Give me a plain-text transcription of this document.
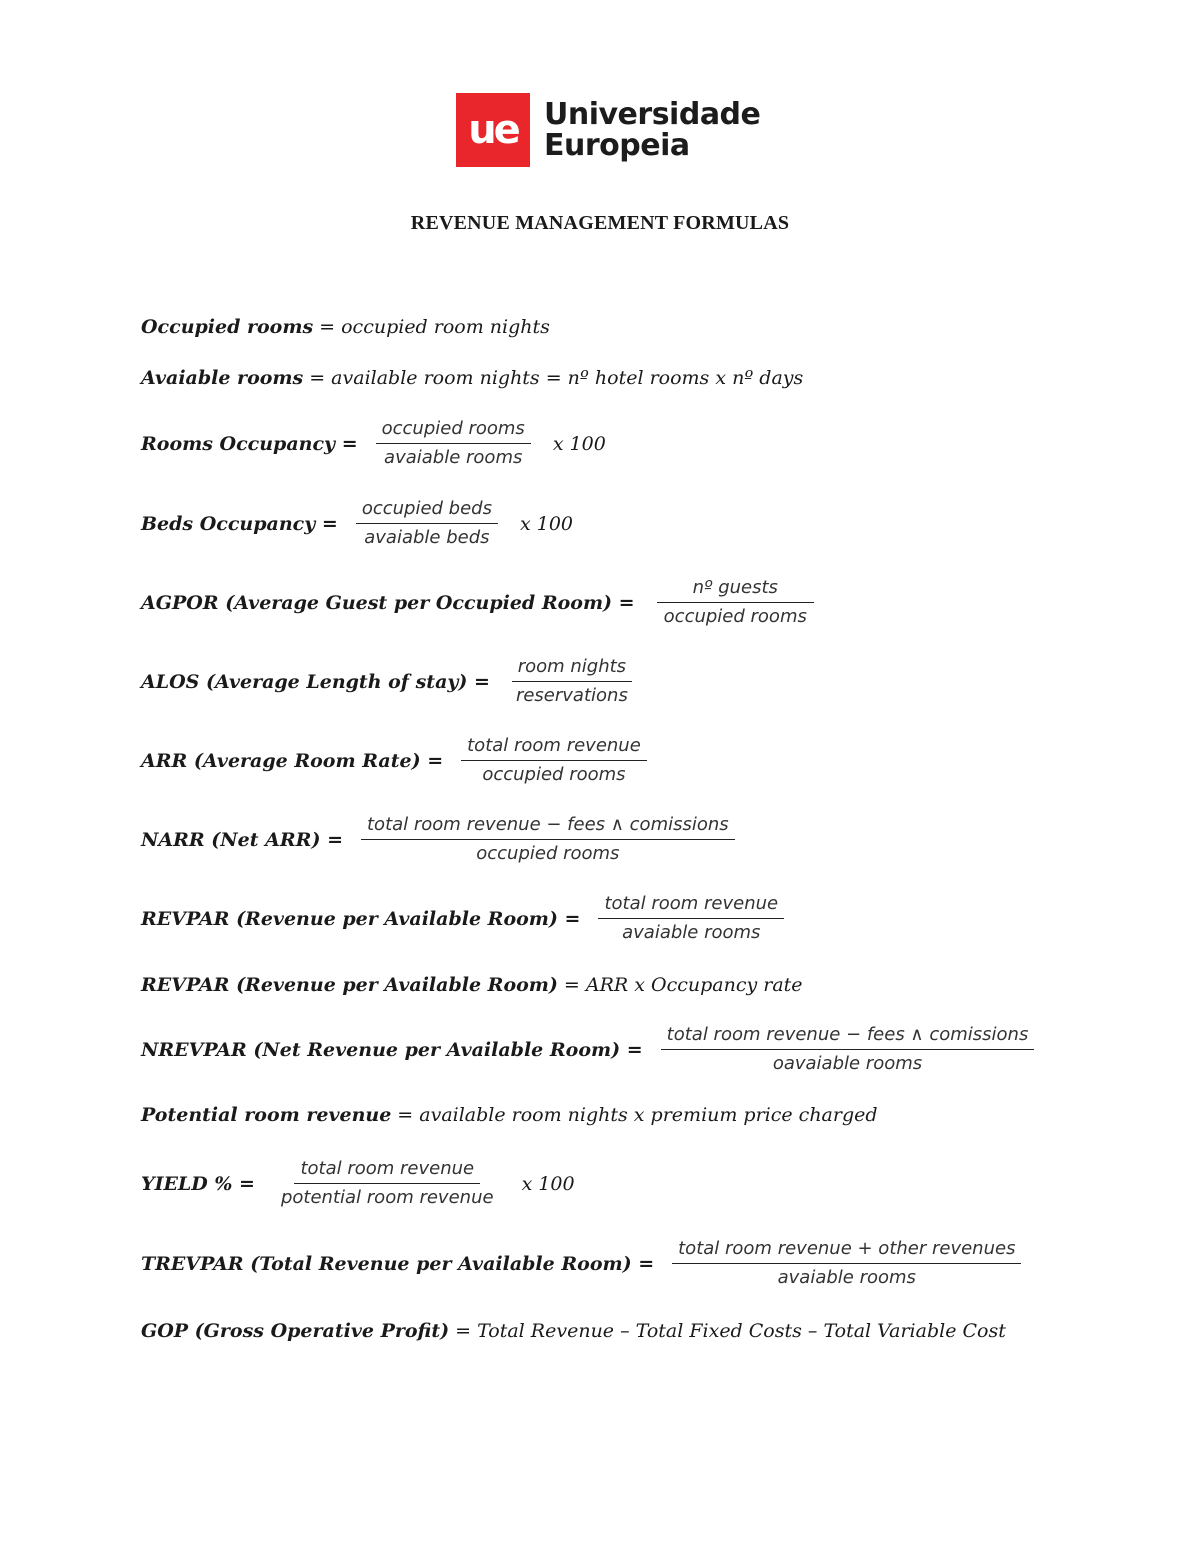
ue Universidade
Europeia
REVENUE MANAGEMENT FORMULAS
Occupied rooms = occupied room nights
Avaiable rooms = available room nights = nº hotel rooms x nº days
Rooms Occupancy = $\frac{\text{occupied rooms}}{\text{avaiable rooms}}$ x 100
Beds Occupancy = $\frac{\text{occupied beds}}{\text{avaiable beds}}$ x 100
AGPOR (Average Guest per Occupied Room) = $\frac{\text{nº guests}}{\text{occupied rooms}}$
ALOS (Average Length of stay) = $\frac{\text{room nights}}{\text{reservations}}$
ARR (Average Room Rate) = $\frac{\text{total room revenue}}{\text{occupied rooms}}$
NARR (Net $ARR) = \frac{\text{total room revenue − fees ∧ comissions}}{\text{occupied rooms}}$
REVPAR (Revenue per Available Room) = $\frac{\text{total room revenue}}{\text{avaiable rooms}}$
REVPAR (Revenue per Available Room) = ARR x Occupancy rate
NREVPAR (Net Revenue per Available Room) = $\frac{\text{total room revenue − fees ∧ comissions}}{\text{oavaiable rooms}}$
Potential room revenue = available room nights x premium price charged
YIELD % = $\frac{\text{total room revenue}}{\text{potential room revenue}}$ x 100
TREVPAR (Total Revenue per Available Room) = $\frac{\text{total room revenue + other revenues}}{\text{avaiable rooms}}$
GOP (Gross Operative Profit) = Total Revenue – Total Fixed Costs – Total Variable Cost
